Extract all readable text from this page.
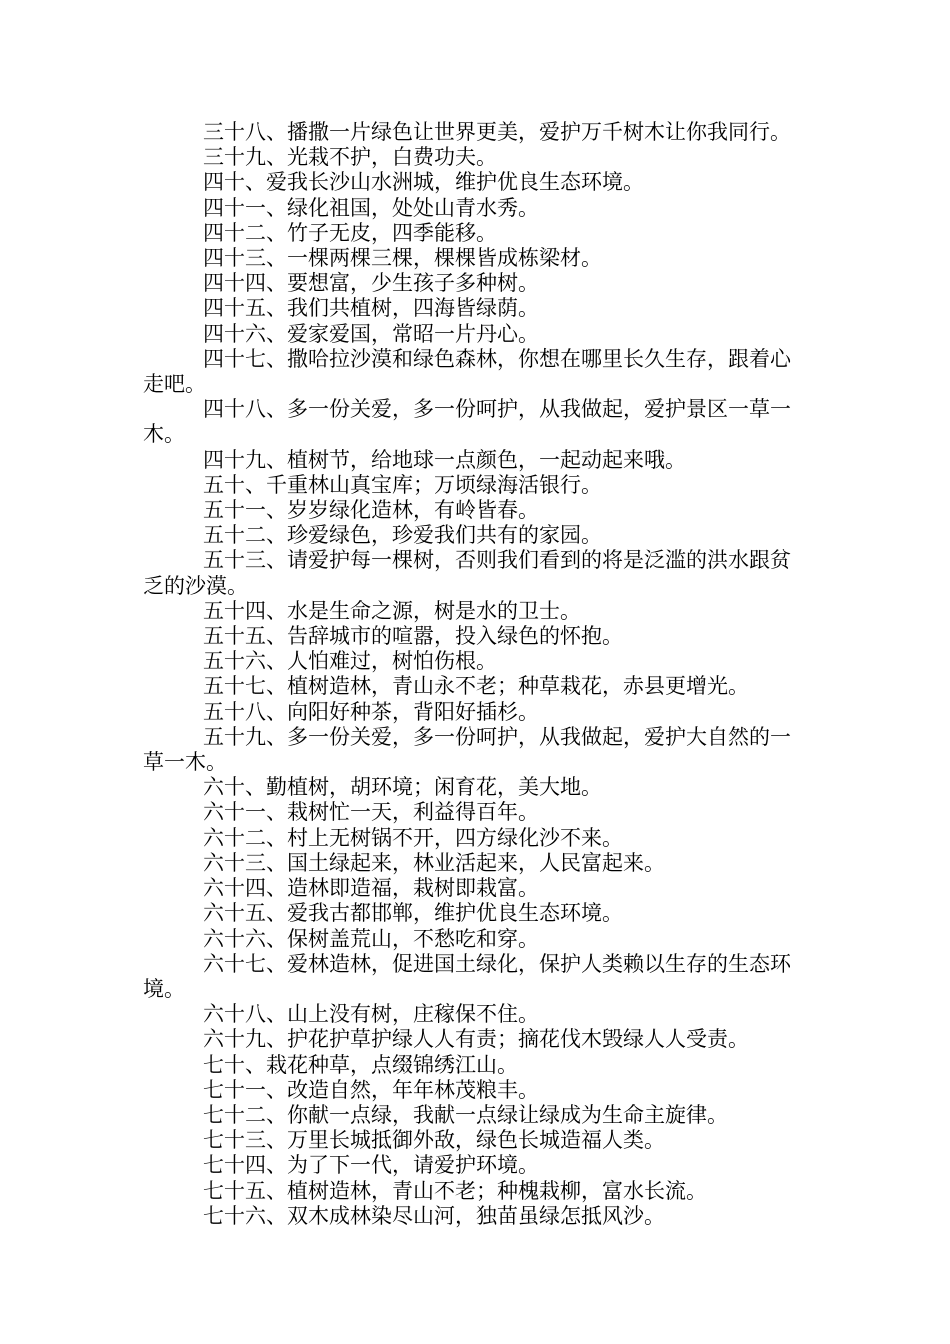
三十八、播撒一片绿色让世界更美，爱护万千树木让你我同行。

三十九、光栽不护，白费功夫。

四十、爱我长沙山水洲城，维护优良生态环境。

四十一、绿化祖国，处处山青水秀。

四十二、竹子无皮，四季能移。

四十三、一棵两棵三棵，棵棵皆成栋梁材。

四十四、要想富，少生孩子多种树。

四十五、我们共植树，四海皆绿荫。

四十六、爱家爱国，常昭一片丹心。

四十七、撒哈拉沙漠和绿色森林，你想在哪里长久生存，跟着心走吧。

四十八、多一份关爱，多一份呵护，从我做起，爱护景区一草一木。

四十九、植树节，给地球一点颜色，一起动起来哦。

五十、千重林山真宝库；万顷绿海活银行。

五十一、岁岁绿化造林，有岭皆春。

五十二、珍爱绿色，珍爱我们共有的家园。

五十三、请爱护每一棵树，否则我们看到的将是泛滥的洪水跟贫乏的沙漠。

五十四、水是生命之源，树是水的卫士。

五十五、告辞城市的喧嚣，投入绿色的怀抱。

五十六、人怕难过，树怕伤根。

五十七、植树造林，青山永不老；种草栽花，赤县更增光。

五十八、向阳好种茶，背阳好插杉。

五十九、多一份关爱，多一份呵护，从我做起，爱护大自然的一草一木。

六十、勤植树，胡环境；闲育花，美大地。

六十一、栽树忙一天，利益得百年。

六十二、村上无树锅不开，四方绿化沙不来。

六十三、国土绿起来，林业活起来，人民富起来。

六十四、造林即造福，栽树即栽富。

六十五、爱我古都邯郸，维护优良生态环境。

六十六、保树盖荒山，不愁吃和穿。

六十七、爱林造林，促进国土绿化，保护人类赖以生存的生态环境。

六十八、山上没有树，庄稼保不住。

六十九、护花护草护绿人人有责；摘花伐木毁绿人人受责。

七十、栽花种草，点缀锦绣江山。

七十一、改造自然，年年林茂粮丰。

七十二、你献一点绿，我献一点绿让绿成为生命主旋律。

七十三、万里长城抵御外敌，绿色长城造福人类。

七十四、为了下一代，请爱护环境。

七十五、植树造林，青山不老；种槐栽柳，富水长流。

七十六、双木成林染尽山河，独苗虽绿怎抵风沙。
